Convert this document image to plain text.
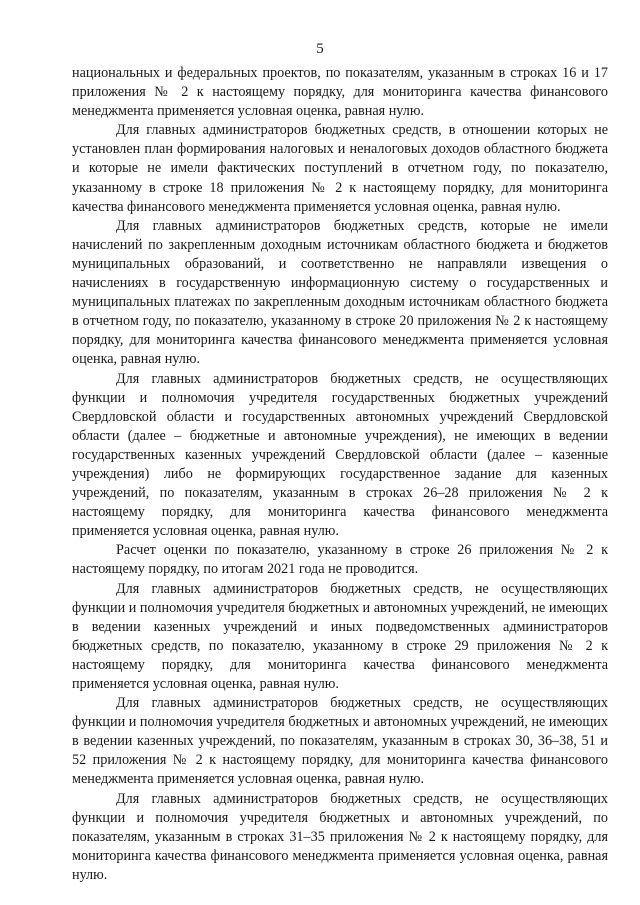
5

национальных и федеральных проектов, по показателям, указанным в строках 16 и 17 приложения № 2 к настоящему порядку, для мониторинга качества финансового менеджмента применяется условная оценка, равная нулю.

Для главных администраторов бюджетных средств, в отношении которых не установлен план формирования налоговых и неналоговых доходов областного бюджета и которые не имели фактических поступлений в отчетном году, по показателю, указанному в строке 18 приложения № 2 к настоящему порядку, для мониторинга качества финансового менеджмента применяется условная оценка, равная нулю.

Для главных администраторов бюджетных средств, которые не имели начислений по закрепленным доходным источникам областного бюджета и бюджетов муниципальных образований, и соответственно не направляли извещения о начислениях в государственную информационную систему о государственных и муниципальных платежах по закрепленным доходным источникам областного бюджета в отчетном году, по показателю, указанному в строке 20 приложения № 2 к настоящему порядку, для мониторинга качества финансового менеджмента применяется условная оценка, равная нулю.

Для главных администраторов бюджетных средств, не осуществляющих функции и полномочия учредителя государственных бюджетных учреждений Свердловской области и государственных автономных учреждений Свердловской области (далее – бюджетные и автономные учреждения), не имеющих в ведении государственных казенных учреждений Свердловской области (далее – казенные учреждения) либо не формирующих государственное задание для казенных учреждений, по показателям, указанным в строках 26–28 приложения № 2 к настоящему порядку, для мониторинга качества финансового менеджмента применяется условная оценка, равная нулю.

Расчет оценки по показателю, указанному в строке 26 приложения № 2 к настоящему порядку, по итогам 2021 года не проводится.

Для главных администраторов бюджетных средств, не осуществляющих функции и полномочия учредителя бюджетных и автономных учреждений, не имеющих в ведении казенных учреждений и иных подведомственных администраторов бюджетных средств, по показателю, указанному в строке 29 приложения № 2 к настоящему порядку, для мониторинга качества финансового менеджмента применяется условная оценка, равная нулю.

Для главных администраторов бюджетных средств, не осуществляющих функции и полномочия учредителя бюджетных и автономных учреждений, не имеющих в ведении казенных учреждений, по показателям, указанным в строках 30, 36–38, 51 и 52 приложения № 2 к настоящему порядку, для мониторинга качества финансового менеджмента применяется условная оценка, равная нулю.

Для главных администраторов бюджетных средств, не осуществляющих функции и полномочия учредителя бюджетных и автономных учреждений, по показателям, указанным в строках 31–35 приложения № 2 к настоящему порядку, для мониторинга качества финансового менеджмента применяется условная оценка, равная нулю.
